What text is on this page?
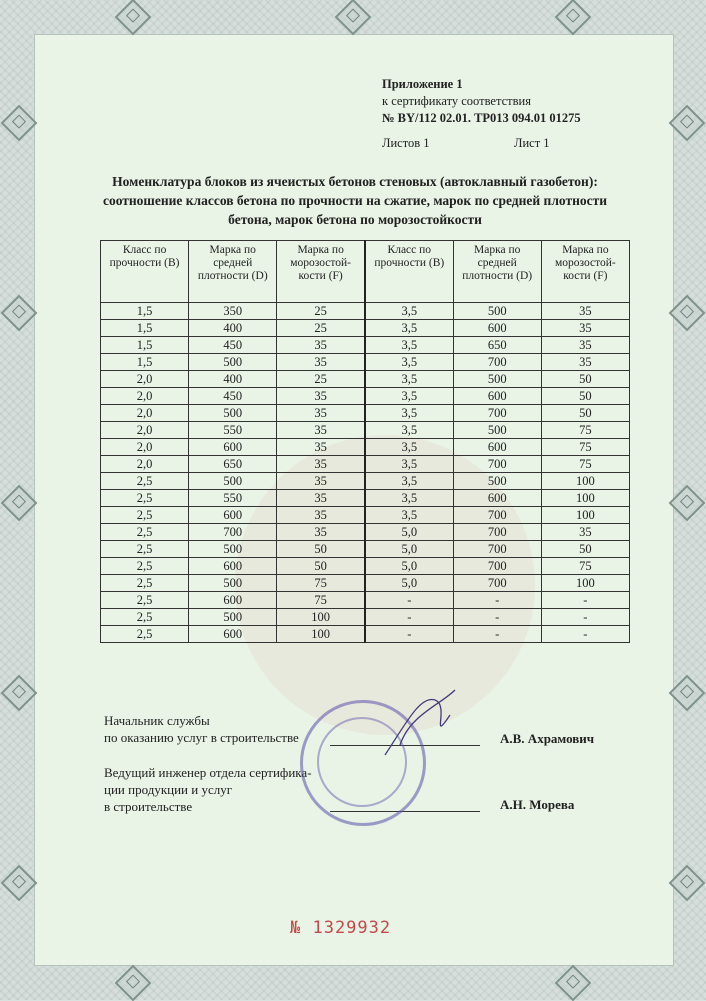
Приложение 1
к сертификату соответствия
№ BY/112 02.01. ТР013 094.01 01275
Листов 1	Лист 1
Номенклатура блоков из ячеистых бетонов стеновых (автоклавный газобетон): соотношение классов бетона по прочности на сжатие, марок по средней плотности бетона, марок бетона по морозостойкости
Класс по прочности (В)	Марка по средней плотности (D)	Марка по морозостой-кости (F)	Класс по прочности (В)	Марка по средней плотности (D)	Марка по морозостой-кости (F)
1,5	350	25	3,5	500	35
1,5	400	25	3,5	600	35
1,5	450	35	3,5	650	35
1,5	500	35	3,5	700	35
2,0	400	25	3,5	500	50
2,0	450	35	3,5	600	50
2,0	500	35	3,5	700	50
2,0	550	35	3,5	500	75
2,0	600	35	3,5	600	75
2,0	650	35	3,5	700	75
2,5	500	35	3,5	500	100
2,5	550	35	3,5	600	100
2,5	600	35	3,5	700	100
2,5	700	35	5,0	700	35
2,5	500	50	5,0	700	50
2,5	600	50	5,0	700	75
2,5	500	75	5,0	700	100
2,5	600	75	-	-	-
2,5	500	100	-	-	-
2,5	600	100	-	-	-
Начальник службы
по оказанию услуг в строительстве	А.В. Ахрамович
Ведущий инженер отдела сертифика-
ции продукции и услуг
в строительстве	А.Н. Морева
№ 1329932
